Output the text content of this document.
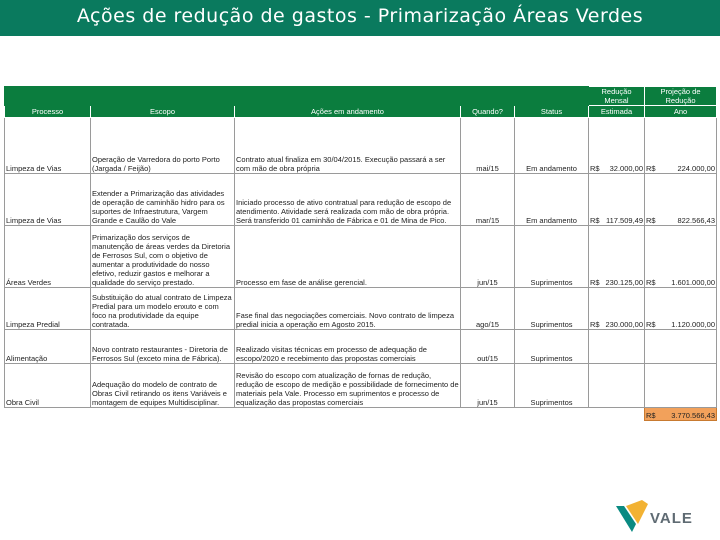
Ações de redução de gastos - Primarização Áreas Verdes
					Redução Mensal	Projeção de Redução
Processo	Escopo	Ações em andamento	Quando?	Status	Estimada	Ano
Limpeza de Vias	Operação de Varredora do porto Porto (Jargada / Feijão)	Contrato atual finaliza em 30/04/2015. Execução passará a ser com mão de obra própria	mai/15	Em andamento	R$ 32.000,00	R$ 224.000,00

Limpeza de Vias	Extender a Primarização das atividades de operação de caminhão hidro para os suportes de Infraestrutura, Vargem Grande e Caulão do Vale	Iniciado processo de ativo contratual para redução de escopo de atendimento. Atividade será realizada com mão de obra própria. Será transferido 01 caminhão de Fábrica e 01 de Mina de Pico.	mar/15	Em andamento	R$ 117.509,49	R$ 822.566,43

Áreas Verdes	Primarização dos serviços de manutenção de áreas verdes da Diretoria de Ferrosos Sul, com o objetivo de aumentar a produtividade do nosso efetivo, reduzir gastos e melhorar a qualidade do serviço prestado.	Processo em fase de análise gerencial.	jun/15	Suprimentos	R$ 230.125,00	R$ 1.601.000,00

Limpeza Predial	Substituição do atual contrato de Limpeza Predial para um modelo enxuto e com foco na produtividade da equipe contratada.	Fase final das negociações comerciais. Novo contrato de limpeza predial inicia a operação em Agosto 2015.	ago/15	Suprimentos	R$ 230.000,00	R$ 1.120.000,00

Alimentação	Novo contrato restaurantes - Diretoria de Ferrosos Sul (exceto mina de Fábrica).	Realizado visitas técnicas em processo de adequação de escopo/2020 e recebimento das propostas comerciais	out/15	Suprimentos	

Obra Civil	Adequação do modelo de contrato de Obras Civil retirando os itens Variáveis e montagem de equipes Multidisciplinar.	Revisão do escopo com atualização de fornas de redução, redução de escopo de medição e possibilidade de fornecimento de materiais pela Vale. Processo em suprimentos e processo de equalização das propostas comerciais	jun/15	Suprimentos	

						R$ 3.770.566,43
VALE
